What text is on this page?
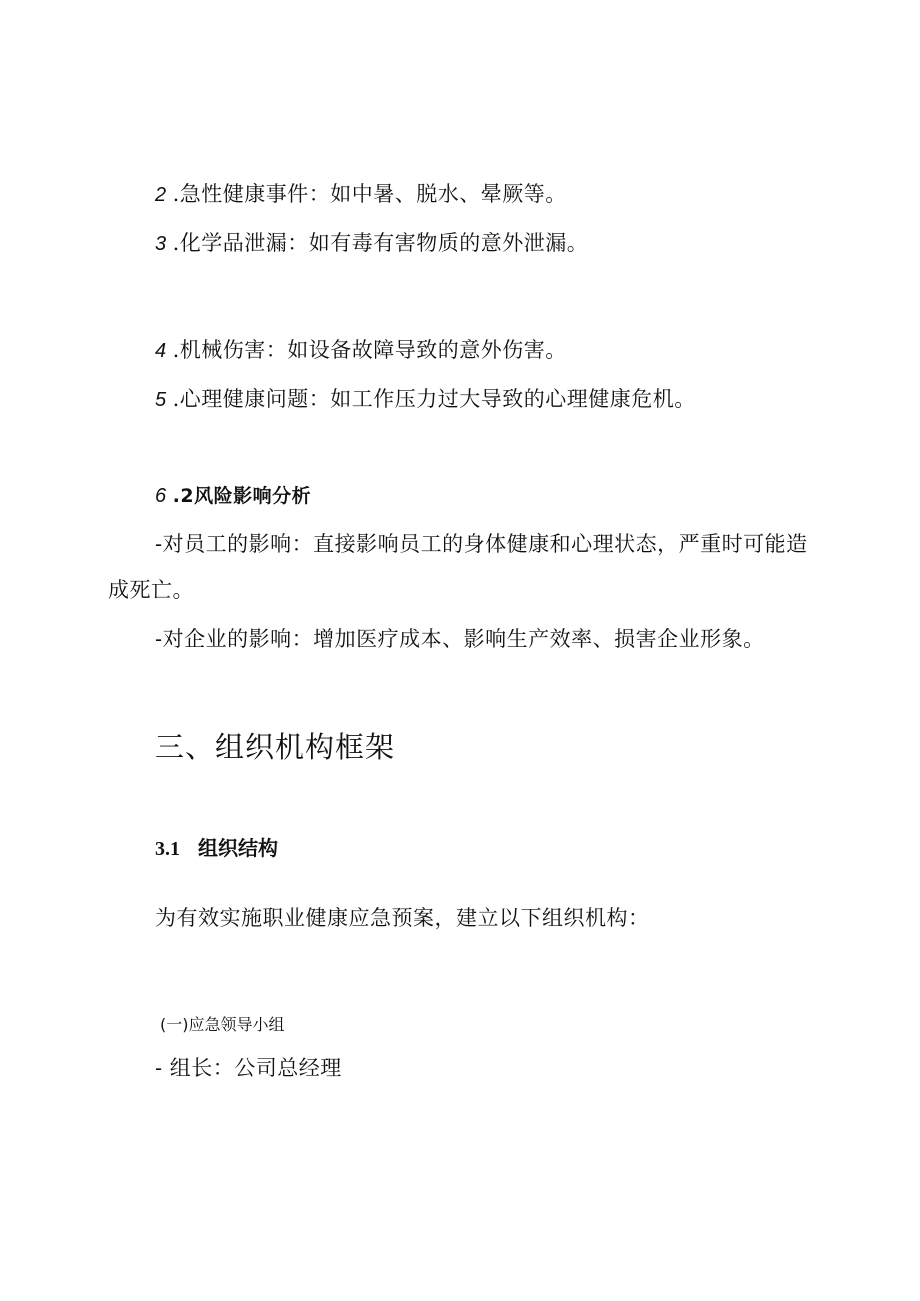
2 .急性健康事件：如中暑、脱水、晕厥等。
3 .化学品泄漏：如有毒有害物质的意外泄漏。
4 .机械伤害：如设备故障导致的意外伤害。
5 .心理健康问题：如工作压力过大导致的心理健康危机。
6 .2风险影响分析
-对员工的影响：直接影响员工的身体健康和心理状态，严重时可能造
成死亡。
-对企业的影响：增加医疗成本、影响生产效率、损害企业形象。
三、组织机构框架
3.1 组织结构
为有效实施职业健康应急预案，建立以下组织机构：
(一)应急领导小组
- 组长：公司总经理
